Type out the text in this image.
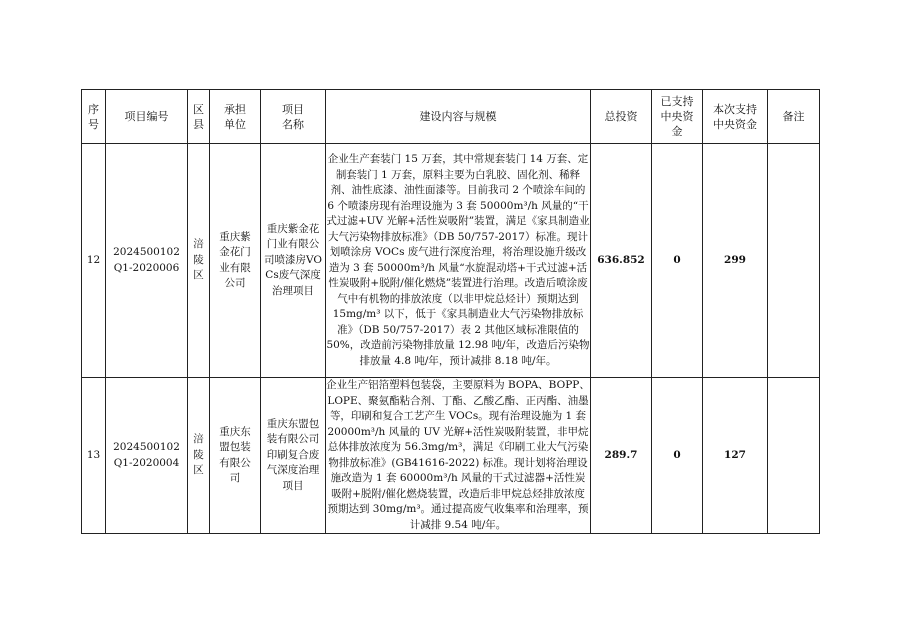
序号	项目编号	区县	承担单位	项目名称	建设内容与规模	总投资	已支持中央资金	本次支持中央资金	备注
12	2024500102Q1-2020006	涪陵区	重庆紫金花门业有限公司	重庆紫金花门业有限公司喷漆房VOCs废气深度治理项目	企业生产套装门 15 万套，其中常规套装门 14 万套、定制套装门 1 万套，原料主要为白乳胶、固化剂、稀释剂、油性底漆、油性面漆等。目前我司 2 个喷涂车间的 6 个喷漆房现有治理设施为 3 套 50000m³/h 风量的“干式过滤+UV 光解+活性炭吸附”装置，满足《家具制造业大气污染物排放标准》（DB 50/757-2017）标准。现计划喷涂房 VOCs 废气进行深度治理，将治理设施升级改造为 3 套 50000m³/h 风量“水旋混动塔+干式过滤+活性炭吸附+脱附/催化燃烧”装置进行治理。改造后喷涂废气中有机物的排放浓度（以非甲烷总烃计）预期达到 15mg/m³ 以下，低于《家具制造业大气污染物排放标准》（DB 50/757-2017）表 2 其他区域标准限值的 50%，改造前污染物排放量 12.98 吨/年，改造后污染物排放量 4.8 吨/年，预计减排 8.18 吨/年。	636.852	0	299	
13	2024500102Q1-2020004	涪陵区	重庆东盟包装有限公司	重庆东盟包装有限公司印刷复合废气深度治理项目	企业生产铝箔塑料包装袋，主要原料为 BOPA、BOPP、LOPE、聚氨酯粘合剂、丁酯、乙酸乙酯、正丙酯、油墨等，印刷和复合工艺产生 VOCs。现有治理设施为 1 套 20000m³/h 风量的 UV 光解+活性炭吸附装置，非甲烷总体排放浓度为 56.3mg/m³，满足《印刷工业大气污染物排放标准》(GB41616-2022) 标准。现计划将治理设施改造为 1 套 60000m³/h 风量的干式过滤器+活性炭吸附+脱附/催化燃烧装置，改造后非甲烷总烃排放浓度预期达到 30mg/m³。通过提高废气收集率和治理率，预计减排 9.54 吨/年。	289.7	0	127	
